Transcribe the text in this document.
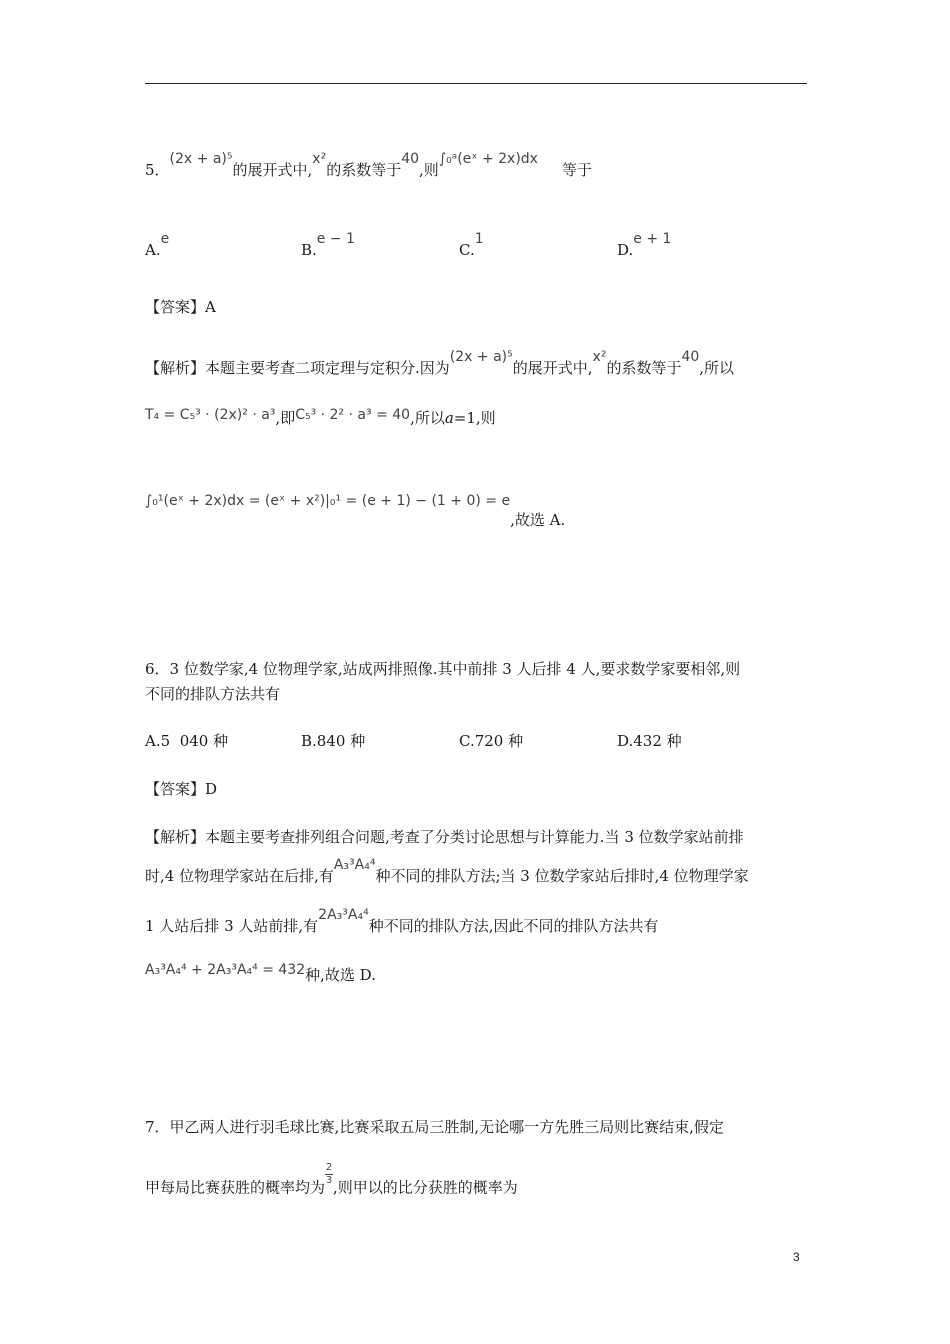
5．(2x + a)⁵的展开式中,x²的系数等于40,则∫₀ᵃ(eˣ + 2x)dx等于
A.e
B.e − 1
C.1
D.e + 1
【答案】A
【解析】本题主要考查二项定理与定积分.因为(2x + a)⁵的展开式中,x²的系数等于40,所以
T₄ = C₅³ · (2x)² · a³,即C₅³ · 2² · a³ = 40,所以a=1,则
∫₀¹(eˣ + 2x)dx = (eˣ + x²)|₀¹ = (e + 1) − (1 + 0) = e,故选 A.
6．3 位数学家,4 位物理学家,站成两排照像.其中前排 3 人后排 4 人,要求数学家要相邻,则
不同的排队方法共有
A.5  040 种	B.840 种	C.720 种	D.432 种
【答案】D
【解析】本题主要考查排列组合问题,考查了分类讨论思想与计算能力.当 3 位数学家站前排
时,4 位物理学家站在后排,有A₃³A₄⁴种不同的排队方法;当 3 位数学家站后排时,4 位物理学家
1 人站后排 3 人站前排,有2A₃³A₄⁴种不同的排队方法,因此不同的排队方法共有
A₃³A₄⁴ + 2A₃³A₄⁴ = 432种,故选 D.
7．甲乙两人进行羽毛球比赛,比赛采取五局三胜制,无论哪一方先胜三局则比赛结束,假定
甲每局比赛获胜的概率均为
$\frac{2}{3}$
,则甲以的比分获胜的概率为
3
